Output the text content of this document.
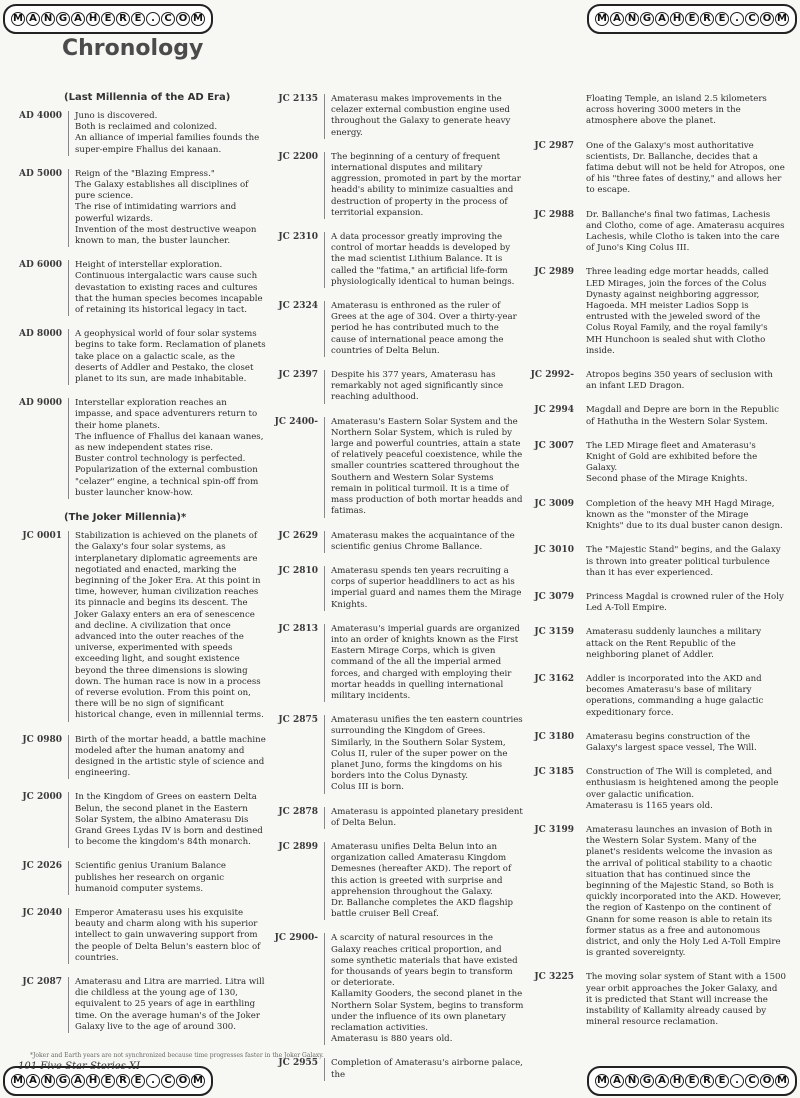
M A N G A H E R E . C O M	M A N G A H E R E . C O M
M A N G A H E R E . C O M	M A N G A H E R E . C O M
Chronology
(Last Millennia of the AD Era)
AD 4000	Juno is discovered.
Both is reclaimed and colonized.
An alliance of imperial families founds the super-empire Fhallus dei kanaan.
AD 5000	Reign of the "Blazing Empress."
The Galaxy establishes all disciplines of pure science.
The rise of intimidating warriors and powerful wizards.
Invention of the most destructive weapon known to man, the buster launcher.
AD 6000	Height of interstellar exploration.
Continuous intergalactic wars cause such devastation to existing races and cultures that the human species becomes incapable of retaining its historical legacy in tact.
AD 8000	A geophysical world of four solar systems begins to take form. Reclamation of planets take place on a galactic scale, as the deserts of Addler and Pestako, the closet planet to its sun, are made inhabitable.
AD 9000	Interstellar exploration reaches an impasse, and space adventurers return to their home planets.
The influence of Fhallus dei kanaan wanes, as new independent states rise.
Buster control technology is perfected.
Popularization of the external combustion "celazer" engine, a technical spin-off from buster launcher know-how.
(The Joker Millennia)*
JC 0001	Stabilization is achieved on the planets of the Galaxy's four solar systems, as interplanetary diplomatic agreements are negotiated and enacted, marking the beginning of the Joker Era. At this point in time, however, human civilization reaches its pinnacle and begins its descent. The Joker Galaxy enters an era of senescence and decline. A civilization that once advanced into the outer reaches of the universe, experimented with speeds exceeding light, and sought existence beyond the three dimensions is slowing down. The human race is now in a process of reverse evolution. From this point on, there will be no sign of significant historical change, even in millennial terms.
JC 0980	Birth of the mortar headd, a battle machine modeled after the human anatomy and designed in the artistic style of science and engineering.
JC 2000	In the Kingdom of Grees on eastern Delta Belun, the second planet in the Eastern Solar System, the albino Amaterasu Dis Grand Grees Lydas IV is born and destined to become the kingdom's 84th monarch.
JC 2026	Scientific genius Uranium Balance publishes her research on organic humanoid computer systems.
JC 2040	Emperor Amaterasu uses his exquisite beauty and charm along with his superior intellect to gain unwavering support from the people of Delta Belun's eastern bloc of countries.
JC 2087	Amaterasu and Litra are married. Litra will die childless at the young age of 130, equivalent to 25 years of age in earthling time. On the average human's of the Joker Galaxy live to the age of around 300.
JC 2135	Amaterasu makes improvements in the celazer external combustion engine used throughout the Galaxy to generate heavy energy.
JC 2200	The beginning of a century of frequent international disputes and military aggression, promoted in part by the mortar headd's ability to minimize casualties and destruction of property in the process of territorial expansion.
JC 2310	A data processor greatly improving the control of mortar headds is developed by the mad scientist Lithium Balance. It is called the "fatima," an artificial life-form physiologically identical to human beings.
JC 2324	Amaterasu is enthroned as the ruler of Grees at the age of 304. Over a thirty-year period he has contributed much to the cause of international peace among the countries of Delta Belun.
JC 2397	Despite his 377 years, Amaterasu has remarkably not aged significantly since reaching adulthood.
JC 2400-	Amaterasu's Eastern Solar System and the Northern Solar System, which is ruled by large and powerful countries, attain a state of relatively peaceful coexistence, while the smaller countries scattered throughout the Southern and Western Solar Systems remain in political turmoil. It is a time of mass production of both mortar headds and fatimas.
JC 2629	Amaterasu makes the acquaintance of the scientific genius Chrome Ballance.
JC 2810	Amaterasu spends ten years recruiting a corps of superior headdliners to act as his imperial guard and names them the Mirage Knights.
JC 2813	Amaterasu's imperial guards are organized into an order of knights known as the First Eastern Mirage Corps, which is given command of the all the imperial armed forces, and charged with employing their mortar headds in quelling international military incidents.
JC 2875	Amaterasu unifies the ten eastern countries surrounding the Kingdom of Grees.
Similarly, in the Southern Solar System, Colus II, ruler of the super power on the planet Juno, forms the kingdoms on his borders into the Colus Dynasty.
Colus III is born.
JC 2878	Amaterasu is appointed planetary president of Delta Belun.
JC 2899	Amaterasu unifies Delta Belun into an organization called Amaterasu Kingdom Demesnes (hereafter AKD). The report of this action is greeted with surprise and apprehension throughout the Galaxy.
Dr. Ballanche completes the AKD flagship battle cruiser Bell Creaf.
JC 2900-	A scarcity of natural resources in the Galaxy reaches critical proportion, and some synthetic materials that have existed for thousands of years begin to transform or deteriorate.
Kallamity Gooders, the second planet in the Northern Solar System, begins to transform under the influence of its own planetary reclamation activities.
Amaterasu is 880 years old.
JC 2955	Completion of Amaterasu's airborne palace, the
Floating Temple, an island 2.5 kilometers across hovering 3000 meters in the atmosphere above the planet.
JC 2987	One of the Galaxy's most authoritative scientists, Dr. Ballanche, decides that a fatima debut will not be held for Atropos, one of his "three fates of destiny," and allows her to escape.
JC 2988	Dr. Ballanche's final two fatimas, Lachesis and Clotho, come of age. Amaterasu acquires Lachesis, while Clotho is taken into the care of Juno's King Colus III.
JC 2989	Three leading edge mortar headds, called LED Mirages, join the forces of the Colus Dynasty against neighboring aggressor, Hagoeda. MH meister Ladios Sopp is entrusted with the jeweled sword of the Colus Royal Family, and the royal family's MH Hunchoon is sealed shut with Clotho inside.
JC 2992-	Atropos begins 350 years of seclusion with an infant LED Dragon.
JC 2994	Magdall and Depre are born in the Republic of Hathutha in the Western Solar System.
JC 3007	The LED Mirage fleet and Amaterasu's Knight of Gold are exhibited before the Galaxy.
Second phase of the Mirage Knights.
JC 3009	Completion of the heavy MH Hagd Mirage, known as the "monster of the Mirage Knights" due to its dual buster canon design.
JC 3010	The "Majestic Stand" begins, and the Galaxy is thrown into greater political turbulence than it has ever experienced.
JC 3079	Princess Magdal is crowned ruler of the Holy Led A-Toll Empire.
JC 3159	Amaterasu suddenly launches a military attack on the Rent Republic of the neighboring planet of Addler.
JC 3162	Addler is incorporated into the AKD and becomes Amaterasu's base of military operations, commanding a huge galactic expeditionary force.
JC 3180	Amaterasu begins construction of the Galaxy's largest space vessel, The Will.
JC 3185	Construction of The Will is completed, and enthusiasm is heightened among the people over galactic unification.
Amaterasu is 1165 years old.
JC 3199	Amaterasu launches an invasion of Both in the Western Solar System. Many of the planet's residents welcome the invasion as the arrival of political stability to a chaotic situation that has continued since the beginning of the Majestic Stand, so Both is quickly incorporated into the AKD. However, the region of Kastenpo on the continent of Gnann for some reason is able to retain its former status as a free and autonomous district, and only the Holy Led A-Toll Empire is granted sovereignty.
JC 3225	The moving solar system of Stant with a 1500 year orbit approaches the Joker Galaxy, and it is predicted that Stant will increase the instability of Kallamity already caused by mineral resource reclamation.
*Joker and Earth years are not synchronized because time progresses faster in the Joker Galaxy.
101 Five Star Stories XI
